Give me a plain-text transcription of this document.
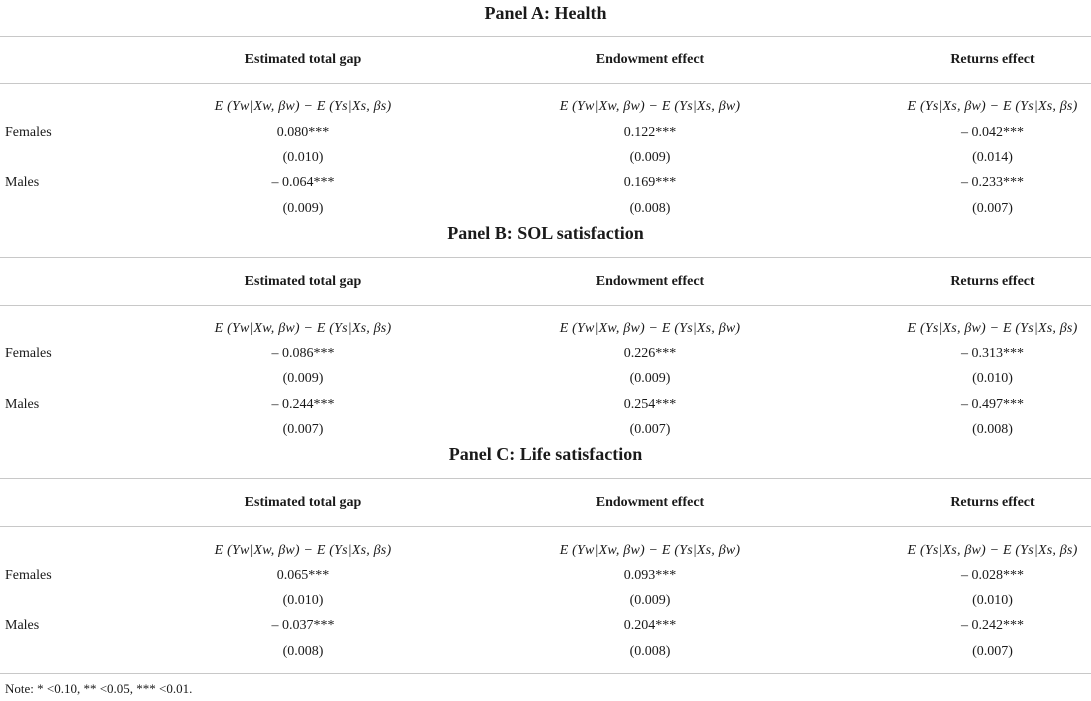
Panel A: Health
Estimated total gap	Endowment effect	Returns effect
E (Yw|Xw, βw) − E (Ys|Xs, βs)	E (Yw|Xw, βw) − E (Ys|Xs, βw)	E (Ys|Xs, βw) − E (Ys|Xs, βs)
Females	0.080***	0.122***	– 0.042***
(0.010)	(0.009)	(0.014)
Males	– 0.064***	0.169***	– 0.233***
(0.009)	(0.008)	(0.007)
Panel B: SOL satisfaction
Estimated total gap	Endowment effect	Returns effect
E (Yw|Xw, βw) − E (Ys|Xs, βs)	E (Yw|Xw, βw) − E (Ys|Xs, βw)	E (Ys|Xs, βw) − E (Ys|Xs, βs)
Females	– 0.086***	0.226***	– 0.313***
(0.009)	(0.009)	(0.010)
Males	– 0.244***	0.254***	– 0.497***
(0.007)	(0.007)	(0.008)
Panel C: Life satisfaction
Estimated total gap	Endowment effect	Returns effect
E (Yw|Xw, βw) − E (Ys|Xs, βs)	E (Yw|Xw, βw) − E (Ys|Xs, βw)	E (Ys|Xs, βw) − E (Ys|Xs, βs)
Females	0.065***	0.093***	– 0.028***
(0.010)	(0.009)	(0.010)
Males	– 0.037***	0.204***	– 0.242***
(0.008)	(0.008)	(0.007)
Note: * <0.10, ** <0.05, *** <0.01.
